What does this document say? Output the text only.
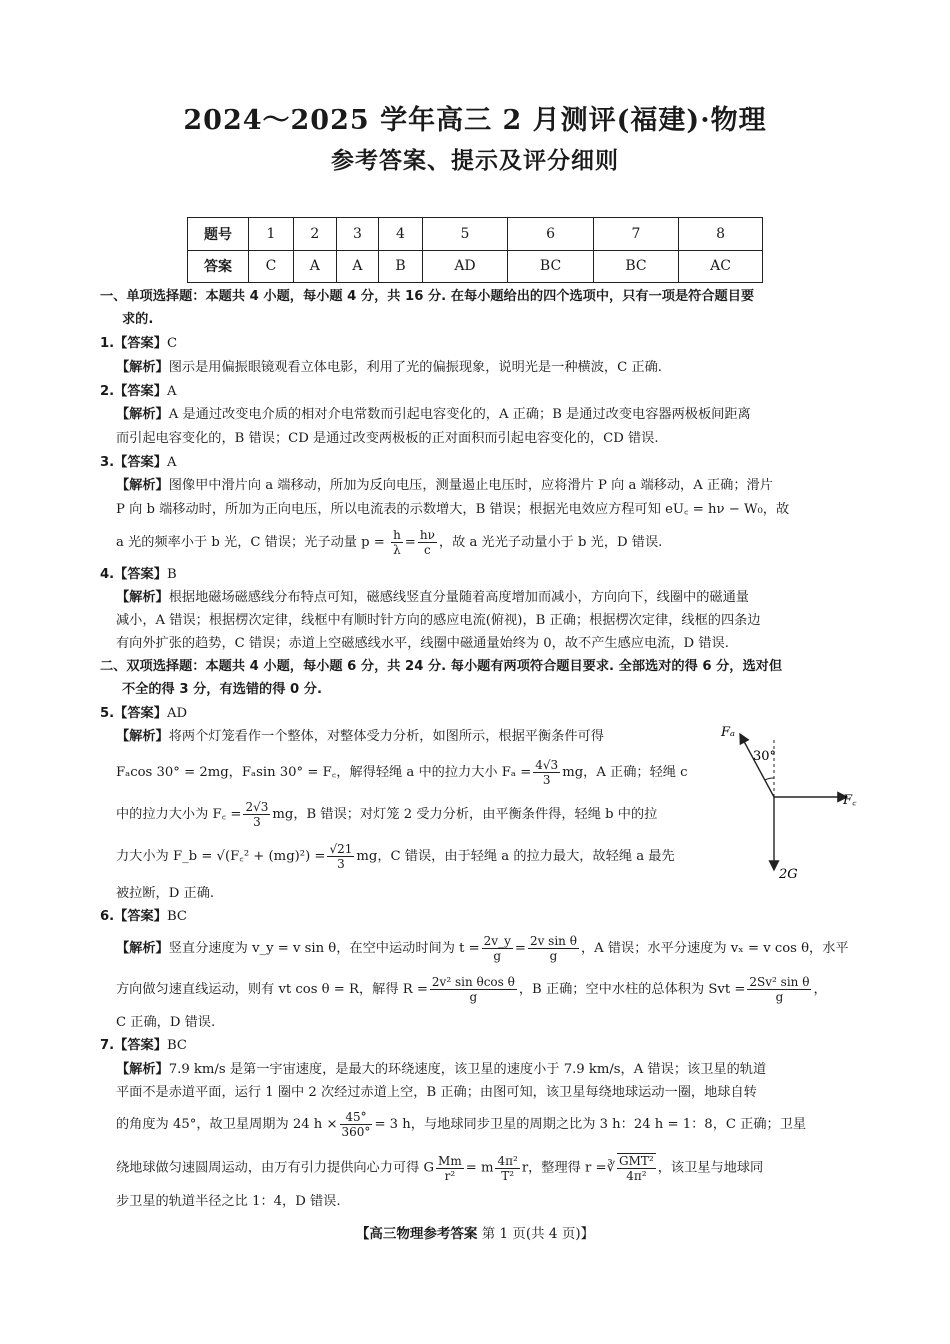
2024～2025 学年高三 2 月测评(福建)·物理
参考答案、提示及评分细则
题号	1	2	3	4	5	6	7	8
答案	C	A	A	B	AD	BC	BC	AC
一、单项选择题：本题共 4 小题，每小题 4 分，共 16 分. 在每小题给出的四个选项中，只有一项是符合题目要
求的.
1.【答案】C
【解析】图示是用偏振眼镜观看立体电影，利用了光的偏振现象，说明光是一种横波，C 正确.
2.【答案】A
【解析】A 是通过改变电介质的相对介电常数而引起电容变化的，A 正确；B 是通过改变电容器两极板间距离
而引起电容变化的，B 错误；CD 是通过改变两极板的正对面积而引起电容变化的，CD 错误.
3.【答案】A
【解析】图像甲中滑片向 a 端移动，所加为反向电压，测量遏止电压时，应将滑片 P 向 a 端移动，A 正确；滑片
P 向 b 端移动时，所加为正向电压，所以电流表的示数增大，B 错误；根据光电效应方程可知 eU꜀ = hν − W₀，故
a 光的频率小于 b 光，C 错误；光子动量 $p = \frac{h}{\lambda} = \frac{h\nu}{c}$ ，故 a 光光子动量小于 b 光，D 错误.
4.【答案】B
【解析】根据地磁场磁感线分布特点可知，磁感线竖直分量随着高度增加而减小，方向向下，线圈中的磁通量
减小，A 错误；根据楞次定律，线框中有顺时针方向的感应电流(俯视)，B 正确；根据楞次定律，线框的四条边
有向外扩张的趋势，C 错误；赤道上空磁感线水平，线圈中磁通量始终为 0，故不产生感应电流，D 错误.
二、双项选择题：本题共 4 小题，每小题 6 分，共 24 分. 每小题有两项符合题目要求. 全部选对的得 6 分，选对但
不全的得 3 分，有选错的得 0 分.
5.【答案】AD
【解析】将两个灯笼看作一个整体，对整体受力分析，如图所示，根据平衡条件可得
Fₐcos 30° = 2mg，Fₐsin 30° = F꜀，解得轻绳 a 中的拉力大小 $F_a = \frac{4√3}{3}$ mg，A 正确；轻绳 c
中的拉力大小为 F꜀ = $\frac{2√3}{3}$ mg，B 错误；对灯笼 2 受力分析，由平衡条件得，轻绳 b 中的拉
力大小为 F_b = √(F꜀² + $(mg)^2) = \frac{√21}{3}$ mg，C 错误，由于轻绳 a 的拉力最大，故轻绳 a 最先
被拉断，D 正确.
Fₐ
30°
F꜀
2G
6.【答案】BC
【解析】竖直分速度为 v_y = v sin θ，在空中运动时间为 $t = \frac{2v\_y}{g} = \frac{\text{2v sin θ}}{g}$ ，A 错误；水平分速度为 vₓ = v cos θ，水平
方向做匀速直线运动，则有 vt cos θ = R，解得 $R = \frac{\text{2v² sin θcos θ}}{g}$ ，B 正确；空中水柱的总体积为 Svt = $\frac{\text{2Sv² sin θ}}{g}$ ，
C 正确，D 错误.
7.【答案】BC
【解析】7.9 km/s 是第一宇宙速度，是最大的环绕速度，该卫星的速度小于 7.9 km/s，A 错误；该卫星的轨道
平面不是赤道平面，运行 1 圈中 2 次经过赤道上空，B 正确；由图可知，该卫星每绕地球运动一圈，地球自转
的角度为 45°，故卫星周期为 24 $h \times \frac{45^\circ}{360^\circ} = 3$ h，与地球同步卫星的周期之比为 3 h：24 h = 1：8，C 正确；卫星
绕地球做匀速圆周运动，由万有引力提供向心力可得 G $\frac{Mm}{\text{r²}} = m \frac{\text{4π²}}{\text{T²}}$ r，整理得 r =∛ $\frac{\text{GMT²}}{\text{4π²}}$ ，该卫星与地球同
步卫星的轨道半径之比 1：4，D 错误.
【高三物理参考答案 第 1 页(共 4 页)】
